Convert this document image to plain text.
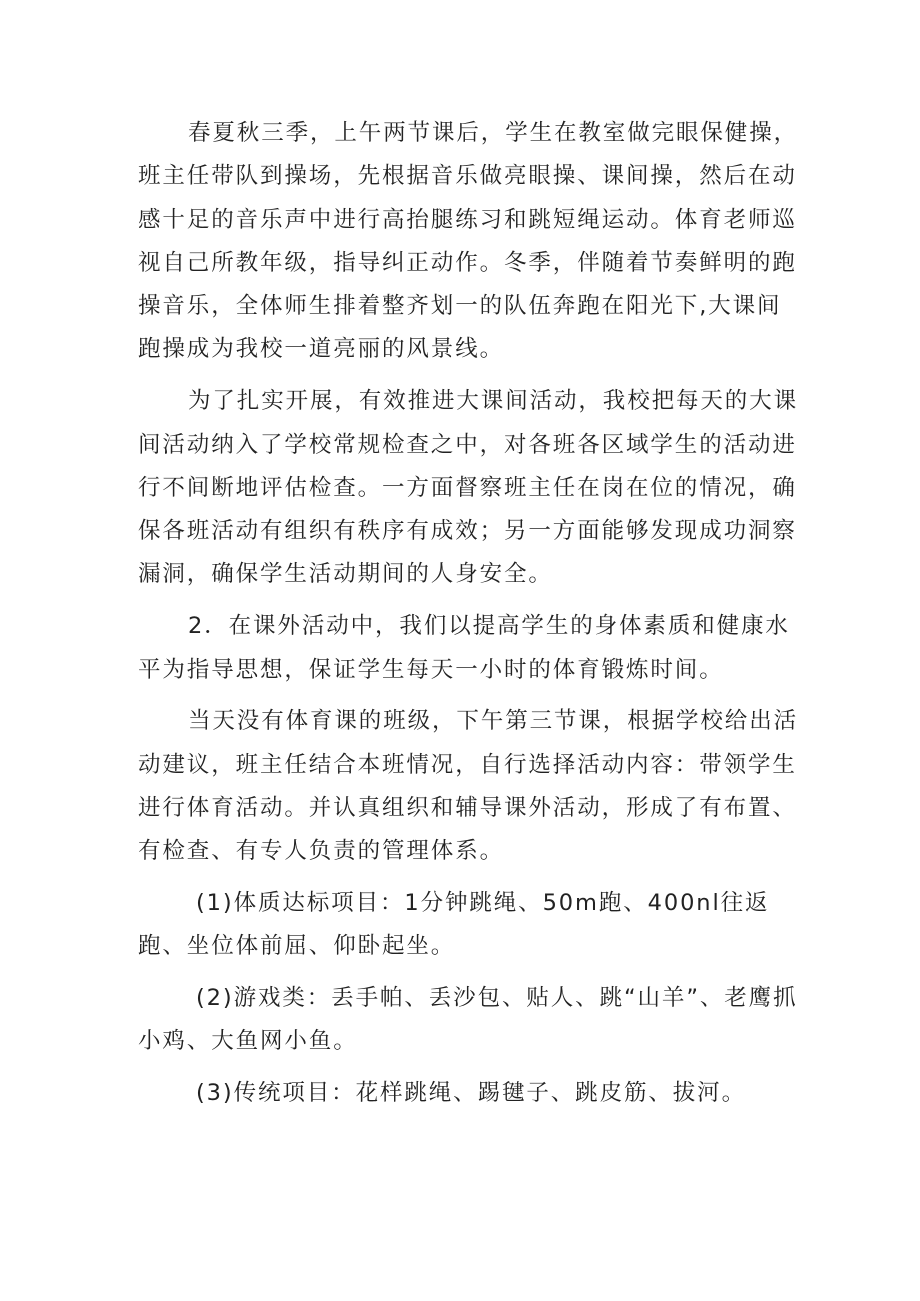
春夏秋三季，上午两节课后，学生在教室做完眼保健操，班主任带队到操场，先根据音乐做亮眼操、课间操，然后在动感十足的音乐声中进行高抬腿练习和跳短绳运动。体育老师巡视自己所教年级，指导纠正动作。冬季，伴随着节奏鲜明的跑操音乐，全体师生排着整齐划一的队伍奔跑在阳光下,大课间跑操成为我校一道亮丽的风景线。

为了扎实开展，有效推进大课间活动，我校把每天的大课间活动纳入了学校常规检查之中，对各班各区域学生的活动进行不间断地评估检查。一方面督察班主任在岗在位的情况，确保各班活动有组织有秩序有成效；另一方面能够发现成功洞察漏洞，确保学生活动期间的人身安全。

2．在课外活动中，我们以提高学生的身体素质和健康水平为指导思想，保证学生每天一小时的体育锻炼时间。

当天没有体育课的班级，下午第三节课，根据学校给出活动建议，班主任结合本班情况，自行选择活动内容：带领学生进行体育活动。并认真组织和辅导课外活动，形成了有布置、有检查、有专人负责的管理体系。

(1)体质达标项目：1分钟跳绳、50m跑、400nl往返跑、坐位体前屈、仰卧起坐。

(2)游戏类：丢手帕、丢沙包、贴人、跳“山羊”、老鹰抓小鸡、大鱼网小鱼。

(3)传统项目：花样跳绳、踢毽子、跳皮筋、拔河。
